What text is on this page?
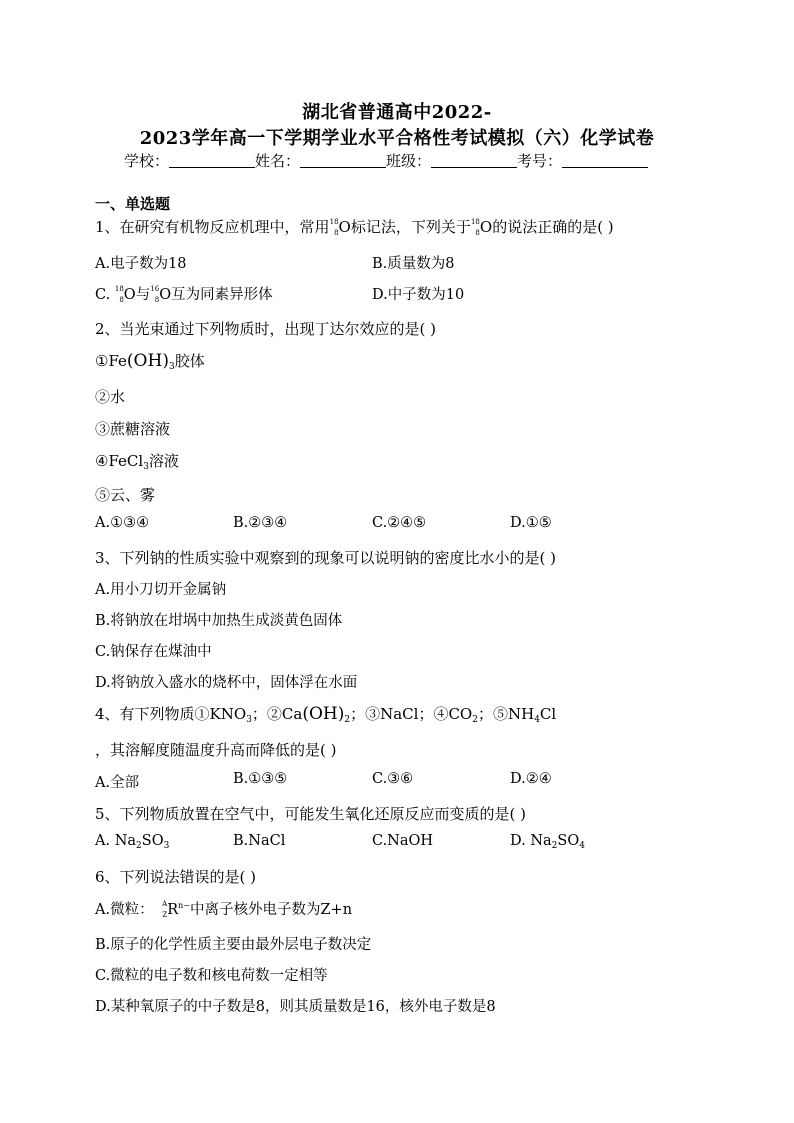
湖北省普通高中2022-
2023学年高一下学期学业水平合格性考试模拟（六）化学试卷
学校：	姓名：	班级：	考号：
一、单选题
1、在研究有机物反应机理中，常用 18
8 O标记法，下列关于 18
8 O的说法正确的是( )
A.电子数为18	B.质量数为8
C. 18
8 O与 16
8 O互为同素异形体	D.中子数为10
2、当光束通过下列物质时，出现丁达尔效应的是( )
$①Fe(OH)_3$胶体
②水
③蔗糖溶液
④FeCl$_3$溶液
⑤云、雾
A.①③④	B.②③④	C.②④⑤	D.①⑤
3、下列钠的性质实验中观察到的现象可以说明钠的密度比水小的是( )
A.用小刀切开金属钠
B.将钠放在坩埚中加热生成淡黄色固体
C.钠保存在煤油中
D.将钠放入盛水的烧杯中，固体浮在水面
4、有下列物质$①KNO_3$；$②Ca(OH)_2$；③NaCl；$④CO_2$；$⑤NH_4Cl$
，其溶解度随温度升高而降低的是( )
A.全部	B.①③⑤	C.③⑥	D.②④
5、下列物质放置在空气中，可能发生氧化还原反应而变质的是( )
A. $Na_2SO_3$	B.NaCl	C.NaOH	D. $Na_2SO_4$
6、下列说法错误的是( )
A.微粒： A
Z $R^{n-}$中离子核外电子数为Z+n
B.原子的化学性质主要由最外层电子数决定
C.微粒的电子数和核电荷数一定相等
D.某种氧原子的中子数是8，则其质量数是16，核外电子数是8
